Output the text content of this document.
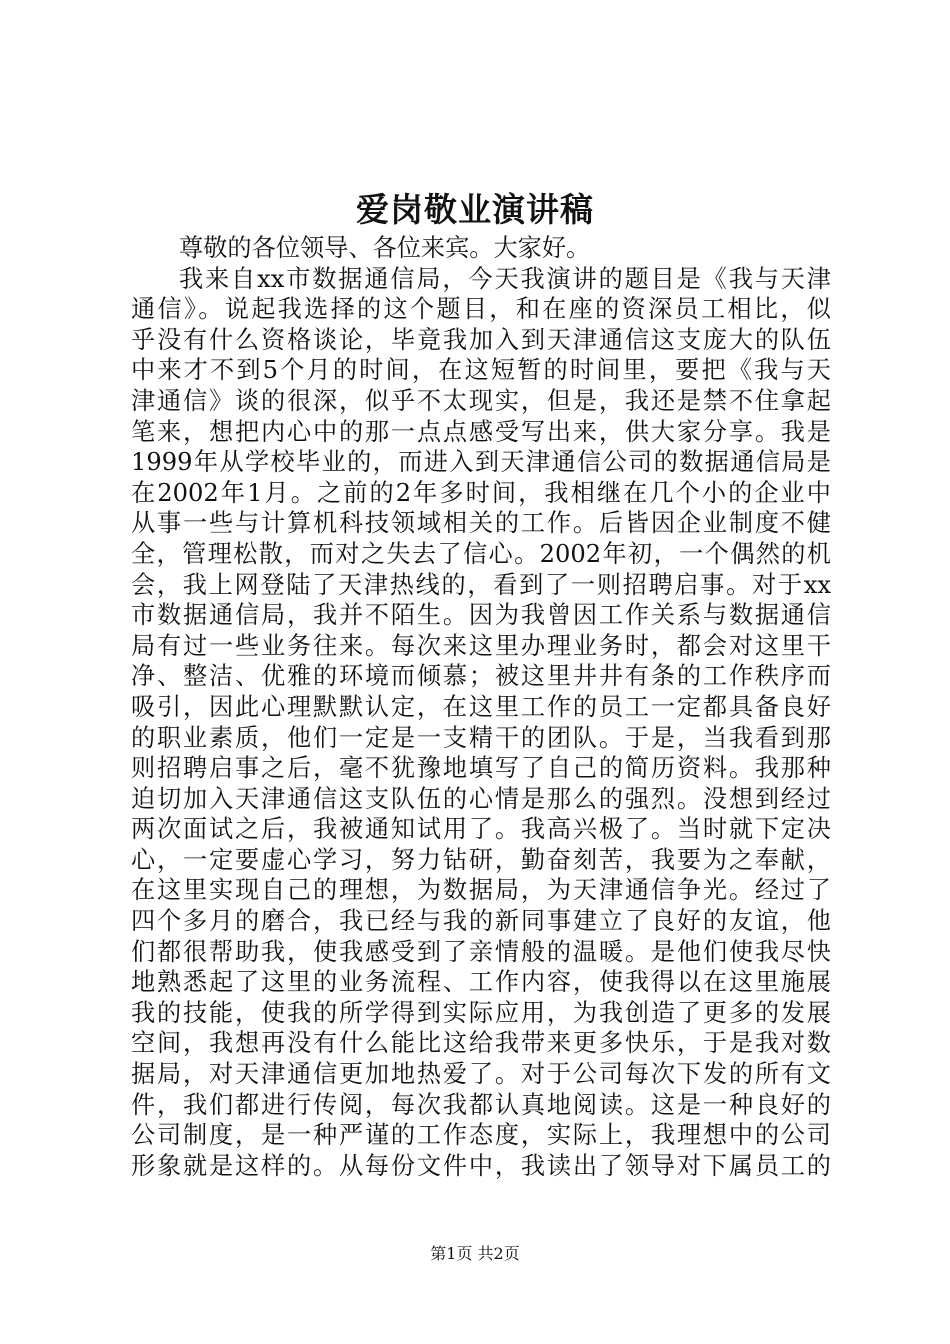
爱岗敬业演讲稿
尊敬的各位领导、各位来宾。大家好。
我来自xx市数据通信局，今天我演讲的题目是《我与天津
通信》。说起我选择的这个题目，和在座的资深员工相比，似
乎没有什么资格谈论，毕竟我加入到天津通信这支庞大的队伍
中来才不到5个月的时间，在这短暂的时间里，要把《我与天
津通信》谈的很深，似乎不太现实，但是，我还是禁不住拿起
笔来，想把内心中的那一点点感受写出来，供大家分享。我是
1999年从学校毕业的，而进入到天津通信公司的数据通信局是
在2002年1月。之前的2年多时间，我相继在几个小的企业中
从事一些与计算机科技领域相关的工作。后皆因企业制度不健
全，管理松散，而对之失去了信心。2002年初，一个偶然的机
会，我上网登陆了天津热线的，看到了一则招聘启事。对于xx
市数据通信局，我并不陌生。因为我曾因工作关系与数据通信
局有过一些业务往来。每次来这里办理业务时，都会对这里干
净、整洁、优雅的环境而倾慕；被这里井井有条的工作秩序而
吸引，因此心理默默认定，在这里工作的员工一定都具备良好
的职业素质，他们一定是一支精干的团队。于是，当我看到那
则招聘启事之后，毫不犹豫地填写了自己的简历资料。我那种
迫切加入天津通信这支队伍的心情是那么的强烈。没想到经过
两次面试之后，我被通知试用了。我高兴极了。当时就下定决
心，一定要虚心学习，努力钻研，勤奋刻苦，我要为之奉献，
在这里实现自己的理想，为数据局，为天津通信争光。经过了
四个多月的磨合，我已经与我的新同事建立了良好的友谊，他
们都很帮助我，使我感受到了亲情般的温暖。是他们使我尽快
地熟悉起了这里的业务流程、工作内容，使我得以在这里施展
我的技能，使我的所学得到实际应用，为我创造了更多的发展
空间，我想再没有什么能比这给我带来更多快乐，于是我对数
据局，对天津通信更加地热爱了。对于公司每次下发的所有文
件，我们都进行传阅，每次我都认真地阅读。这是一种良好的
公司制度，是一种严谨的工作态度，实际上，我理想中的公司
形象就是这样的。从每份文件中，我读出了领导对下属员工的
第1页 共2页
